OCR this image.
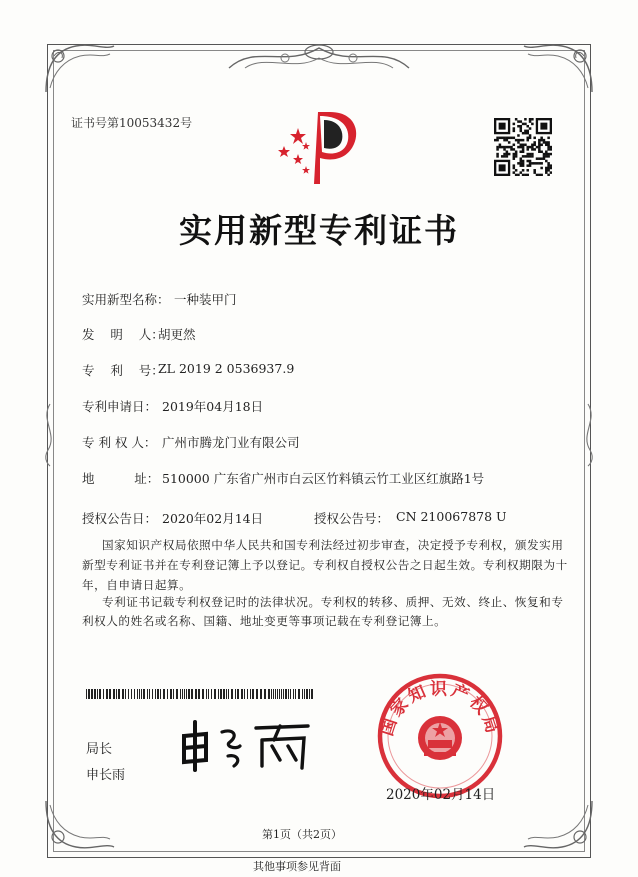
证书号第10053432号
实用新型专利证书
实用新型名称： 一种装甲门
发    明    人：
胡更然
专    利    号：
ZL 2019 2 0536937.9
专利申请日： 2019年04月18日
专 利 权 人： 广州市腾龙门业有限公司
地          址： 510000 广东省广州市白云区竹料镇云竹工业区红旗路1号
授权公告日： 2020年02月14日	授权公告号： CN 210067878 U
国家知识产权局依照中华人民共和国专利法经过初步审查，决定授予专利权，颁发实用
新型专利证书并在专利登记簿上予以登记。专利权自授权公告之日起生效。专利权期限为十
年，自申请日起算。
专利证书记载专利权登记时的法律状况。专利权的转移、质押、无效、终止、恢复和专
利权人的姓名或名称、国籍、地址变更等事项记载在专利登记簿上。
局长
申长雨
国家知识产权局
2020年02月14日
第1页（共2页）
其他事项参见背面
